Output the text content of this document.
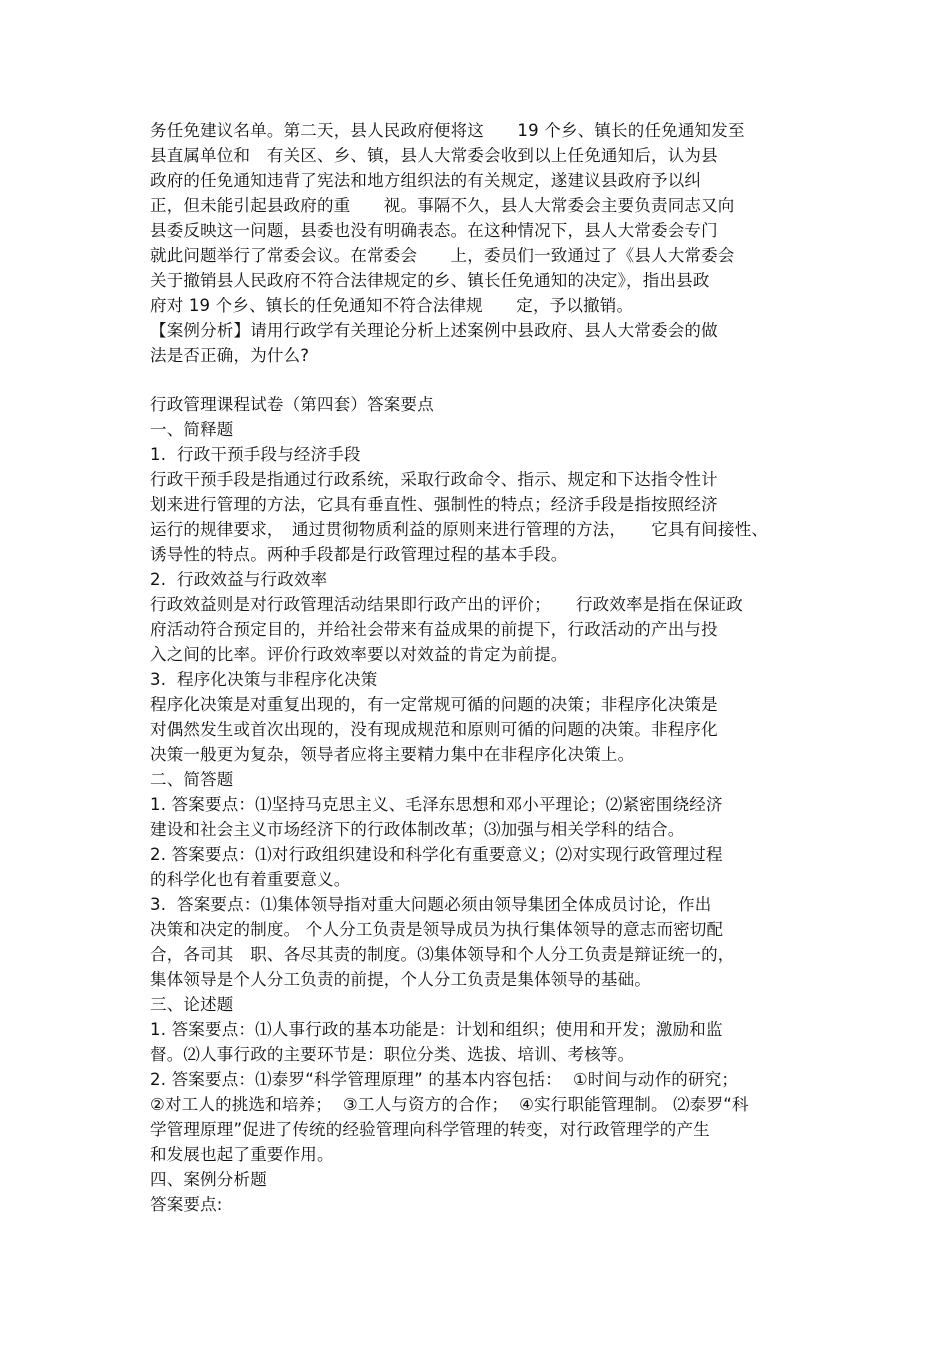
务任免建议名单。第二天，县人民政府便将这　　19 个乡、镇长的任免通知发至
县直属单位和　有关区、乡、镇，县人大常委会收到以上任免通知后，认为县
政府的任免通知违背了宪法和地方组织法的有关规定，遂建议县政府予以纠
正，但未能引起县政府的重　　视。事隔不久，县人大常委会主要负责同志又向
县委反映这一问题，县委也没有明确表态。在这种情况下，县人大常委会专门
就此问题举行了常委会议。在常委会　　上，委员们一致通过了《县人大常委会
关于撤销县人民政府不符合法律规定的乡、镇长任免通知的决定》，指出县政
府对 19 个乡、镇长的任免通知不符合法律规　　定，予以撤销。
【案例分析】请用行政学有关理论分析上述案例中县政府、县人大常委会的做
法是否正确，为什么?
行政管理课程试卷（第四套）答案要点
一、简释题
1.  行政干预手段与经济手段
行政干预手段是指通过行政系统，采取行政命令、指示、规定和下达指令性计
划来进行管理的方法，它具有垂直性、强制性的特点；经济手段是指按照经济
运行的规律要求，　通过贯彻物质利益的原则来进行管理的方法，　　它具有间接性、
诱导性的特点。两种手段都是行政管理过程的基本手段。
2.  行政效益与行政效率
行政效益则是对行政管理活动结果即行政产出的评价；　　行政效率是指在保证政
府活动符合预定目的，并给社会带来有益成果的前提下，行政活动的产出与投
入之间的比率。评价行政效率要以对效益的肯定为前提。
3.  程序化决策与非程序化决策
程序化决策是对重复出现的，有一定常规可循的问题的决策；非程序化决策是
对偶然发生或首次出现的，没有现成规范和原则可循的问题的决策。非程序化
决策一般更为复杂，领导者应将主要精力集中在非程序化决策上。
二、简答题
1. 答案要点：⑴坚持马克思主义、毛泽东思想和邓小平理论；⑵紧密围绕经济
建设和社会主义市场经济下的行政体制改革；⑶加强与相关学科的结合。
2. 答案要点：⑴对行政组织建设和科学化有重要意义；⑵对实现行政管理过程
的科学化也有着重要意义。
3.  答案要点：⑴集体领导指对重大问题必须由领导集团全体成员讨论，作出
决策和决定的制度。 个人分工负责是领导成员为执行集体领导的意志而密切配
合，各司其　职、各尽其责的制度。⑶集体领导和个人分工负责是辩证统一的，
集体领导是个人分工负责的前提，个人分工负责是集体领导的基础。
三、论述题
1. 答案要点：⑴人事行政的基本功能是：计划和组织；使用和开发；激励和监
督。⑵人事行政的主要环节是：职位分类、选拔、培训、考核等。
2. 答案要点：⑴泰罗“科学管理原理” 的基本内容包括：  ①时间与动作的研究；
②对工人的挑选和培养；  ③工人与资方的合作；  ④实行职能管理制。 ⑵泰罗“科
学管理原理”促进了传统的经验管理向科学管理的转变，对行政管理学的产生
和发展也起了重要作用。
四、案例分析题
答案要点:
